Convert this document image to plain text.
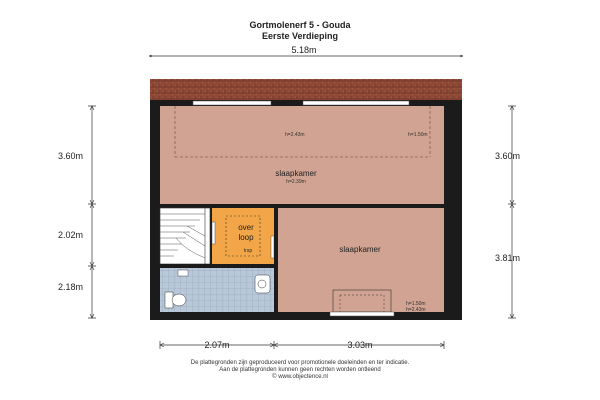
Gortmolenerf 5 - Gouda
Eerste Verdieping
5.18m
over
loop
trap
slaapkamer
h=2.39m
slaapkamer
h=2.43m	h=1.50m
h=1.50m
h=2.43m
3.60m
2.02m
2.18m
3.60m
3.81m
2.07m	3.03m
De plattegronden zijn geproduceerd voor promotionele doeleinden en ter indicatie.
Aan de plattegronden kunnen geen rechten worden ontleend
© www.objectence.nl
